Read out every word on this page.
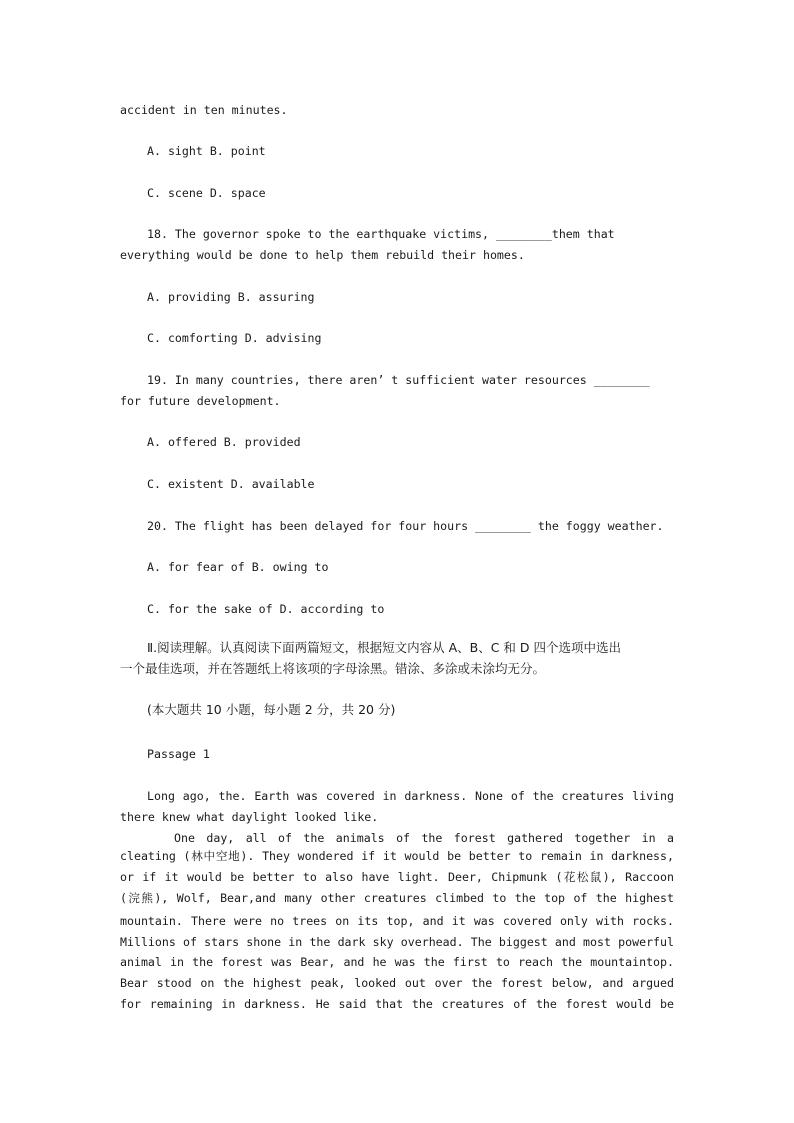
accident in ten minutes.
A. sight B. point
C. scene D. space
18. The governor spoke to the earthquake victims, ________them that
everything would be done to help them rebuild their homes.
A. providing B. assuring
C. comforting D. advising
19. In many countries, there aren’ t sufficient water resources ________
for future development.
A. offered B. provided
C. existent D. available
20. The flight has been delayed for four hours ________ the foggy weather.
A. for fear of B. owing to
C. for the sake of D. according to
Ⅱ.阅读理解。认真阅读下面两篇短文，根据短文内容从 A、B、C 和 D 四个选项中选出
一个最佳选项，并在答题纸上将该项的字母涂黑。错涂、多涂或未涂均无分。
(本大题共 10 小题，每小题 2 分，共 20 分)
Passage 1
Long ago, the. Earth was covered in darkness. None of the creatures living
there knew what daylight looked like.
One day, all of the animals of the forest gathered together in a
cleating (林中空地). They wondered if it would be better to remain in darkness,
or if it would be better to also have light. Deer, Chipmunk (花松鼠), Raccoon
(浣熊), Wolf, Bear,and many other creatures climbed to the top of the highest
mountain. There were no trees on its top, and it was covered only with rocks.
Millions of stars shone in the dark sky overhead. The biggest and most powerful
animal in the forest was Bear, and he was the first to reach the mountaintop.
Bear stood on the highest peak, looked out over the forest below, and argued
for remaining in darkness. He said that the creatures of the forest would be
